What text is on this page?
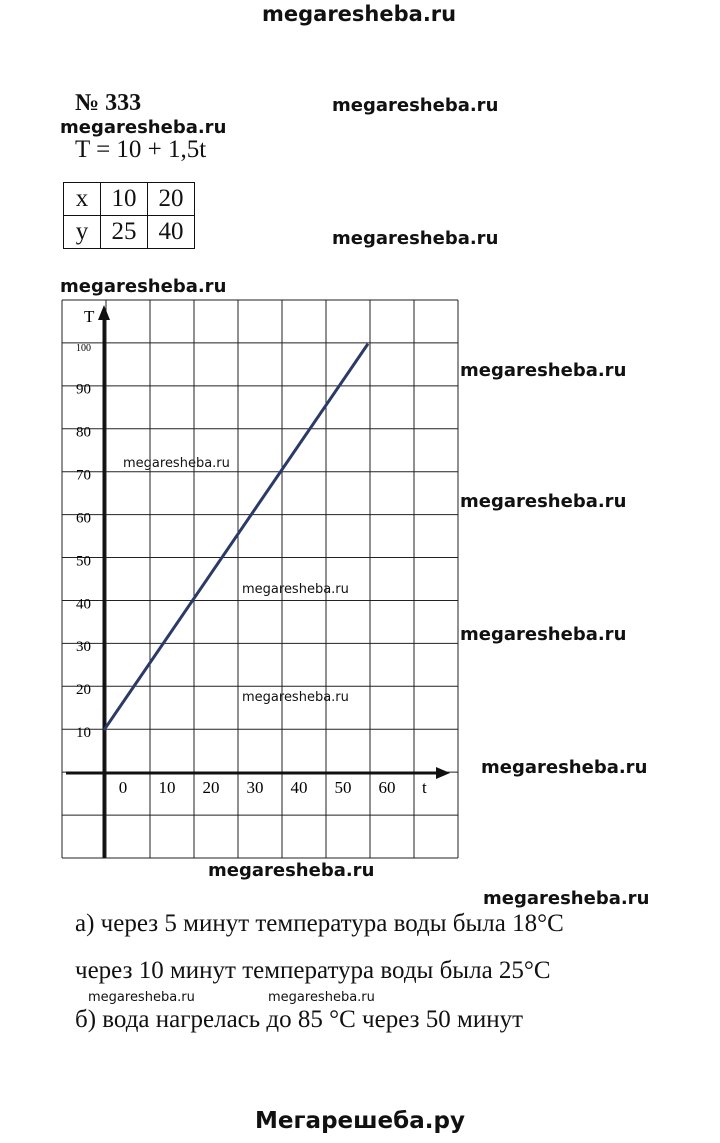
megaresheba.ru
megaresheba.ru
megaresheba.ru
megaresheba.ru
megaresheba.ru
megaresheba.ru
megaresheba.ru
megaresheba.ru
megaresheba.ru
megaresheba.ru
megaresheba.ru
megaresheba.ru
megaresheba.ru
megaresheba.ru
megaresheba.ru	megaresheba.ru
№ 333
T = 10 + 1,5t
x	10	20
y	25	40
T
t
10
20
30
40
50
60
70
80
90
100
0 10 20 30 40 50 60
а) через 5 минут температура воды была 18°C
через 10 минут температура воды была 25°C
б) вода нагрелась до 85 °C через 50 минут
Мегарешеба.ру
